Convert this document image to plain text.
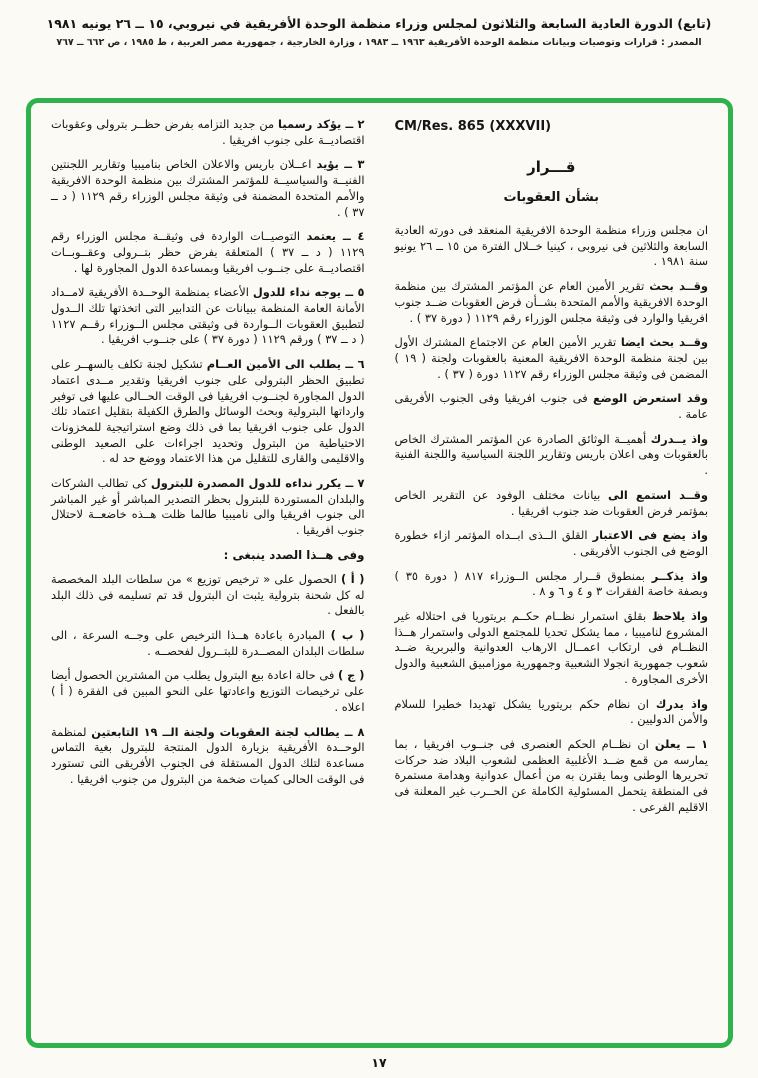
(تابع) الدورة العادية السابعة والثلاثون لمجلس وزراء منظمة الوحدة الأفريقية في نيروبي، ١٥ ــ ٢٦ يونيه ١٩٨١
المصدر : قرارات وتوصيات وبيانات منظمة الوحدة الأفريقية ١٩٦٣ ــ ١٩٨٣ ، وزارة الخارجية ، جمهورية مصر العربية ، ط ١٩٨٥ ، ص ٦٦٢ ــ ٧٦٧
CM/Res. 865 (XXXVII)
قـــرار
بشأن العقوبات

ان مجلس وزراء منظمة الوحدة الافريقية المنعقد فى دورته العادية السابعة والثلاثين فى نيروبى ، كينيا خــلال الفترة من ١٥ ــ ٢٦ يونيو سنة ١٩٨١ .

وقــد بحث تقرير الأمين العام عن المؤتمر المشترك بين منظمة الوحدة الافريقية والأمم المتحدة بشــأن فرض العقوبات ضــد جنوب افريقيا والوارد فى وثيقة مجلس الوزراء رقم ١١٢٩ ( دورة ٣٧ ) .

وقــد بحث ايضا تقرير الأمين العام عن الاجتماع المشترك الأول بين لجنة منظمة الوحدة الافريقية المعنية بالعقوبات ولجنة ( ١٩ ) المضمن فى وثيقة مجلس الوزراء رقم ١١٢٧ دورة ( ٣٧ ) .

وقد استعرض الوضع فى جنوب افريقيا وفى الجنوب الأفريقى عامة .

واذ يــدرك أهميــة الوثائق الصادرة عن المؤتمر المشترك الخاص بالعقوبات وهى اعلان باريس وتقارير اللجنة السياسية واللجنة الفنية .

وقــد استمع الى بيانات مختلف الوفود عن التقرير الخاص بمؤتمر فرض العقوبات ضد جنوب افريقيا .

واذ يضع فى الاعتبار القلق الــذى ابــداه المؤتمر ازاء خطورة الوضع فى الجنوب الأفريقى .

واذ يذكــر بمنطوق قــرار مجلس الــوزراء ٨١٧ ( دورة ٣٥ ) وبصفة خاصة الفقرات ٣ و ٤ و ٦ و ٨ .

واذ يلاحظ بقلق استمرار نظــام حكــم بريتوريا فى احتلاله غير المشروع لناميبيا ، مما يشكل تحديا للمجتمع الدولى واستمرار هــذا النظــام فى ارتكاب اعمــال الارهاب العدوانية والبربرية ضــد شعوب جمهورية انجولا الشعبية وجمهورية موزامبيق الشعبية والدول الأخرى المجاورة .

واذ يدرك ان نظام حكم بريتوريا يشكل تهديدا خطيرا للسلام والأمن الدوليين .

١ ــ يعلن ان نظــام الحكم العنصرى فى جنــوب افريقيا ، بما يمارسه من قمع ضــد الأغلبية العظمى لشعوب البلاد ضد حركات تحريرها الوطنى وبما يقترن به من أعمال عدوانية وهدامة مستمرة فى المنطقة يتحمل المسئولية الكاملة عن الحــرب غير المعلنة فى الاقليم الفرعى .

٢ ــ يؤكد رسميا من جديد التزامه بفرض حظــر بترولى وعقوبات اقتصاديــة على جنوب افريقيا .

٣ ــ يؤيد اعــلان باريس والاعلان الخاص بناميبيا وتقارير اللجنتين الفنيــة والسياسيــة للمؤتمر المشترك بين منظمة الوحدة الافريقية والأمم المتحدة المضمنة فى وثيقة مجلس الوزراء رقم ١١٢٩ ( د ــ ٣٧ ) .

٤ ــ يعتمد التوصيــات الواردة فى وثيقــة مجلس الوزراء رقم ١١٢٩ ( د ــ ٣٧ ) المتعلقة بفرض حظر بتــرولى وعقــوبــات اقتصاديــة على جنــوب افريقيا وبمساعدة الدول المجاورة لها .

٥ ــ يوجه نداء للدول الأعضاء بمنظمة الوحــدة الأفريقية لامــداد الأمانة العامة المنظمة ببيانات عن التدابير التى اتخذتها تلك الــدول لتطبيق العقوبات الــواردة فى وثيقتى مجلس الــوزراء رقــم ١١٢٧ ( د ــ ٣٧ ) ورقم ١١٢٩ ( دورة ٣٧ ) على جنــوب افريقيا .

٦ ــ يطلب الى الأمين العــام تشكيل لجنة تكلف بالسهــر على تطبيق الحظر البترولى على جنوب افريقيا وتقدير مــدى اعتماد الدول المجاورة لجنــوب افريقيا فى الوقت الحــالى عليها فى توفير وارداتها البترولية وبحث الوسائل والطرق الكفيلة بتقليل اعتماد تلك الدول على جنوب افريقيا بما فى ذلك وضع استراتيجية للمخزونات الاحتياطية من البترول وتحديد اجراءات على الصعيد الوطنى والاقليمى والقارى للتقليل من هذا الاعتماد ووضع حد له .

٧ ــ يكرر نداءه للدول المصدرة للبترول كى تطالب الشركات والبلدان المستوردة للبترول بحظر التصدير المباشر أو غير المباشر الى جنوب افريقيا والى ناميبيا طالما ظلت هــذه خاضعــة لاحتلال جنوب افريقيا .

وفى هــذا الصدد ينبغى :

( أ ) الحصول على « ترخيص توزيع » من سلطات البلد المخصصة له كل شحنة بترولية يثبت ان البترول قد تم تسليمه فى ذلك البلد بالفعل .

( ب ) المبادرة باعادة هــذا الترخيص على وجــه السرعة ، الى سلطات البلدان المصــدرة للبتــرول لفحصــه .

( ج ) فى حالة اعادة بيع البترول يطلب من المشترين الحصول أيضا على ترخيصات التوزيع واعادتها على النحو المبين فى الفقرة ( أ ) اعلاه .

٨ ــ يطالب لجنة العقوبات ولجنة الــ ١٩ التابعتين لمنظمة الوحــدة الأفريقية بزيارة الدول المنتجة للبترول بغية التماس مساعدة لتلك الدول المستقلة فى الجنوب الأفريقى التى تستورد فى الوقت الحالى كميات ضخمة من البترول من جنوب افريقيا .

١٧
